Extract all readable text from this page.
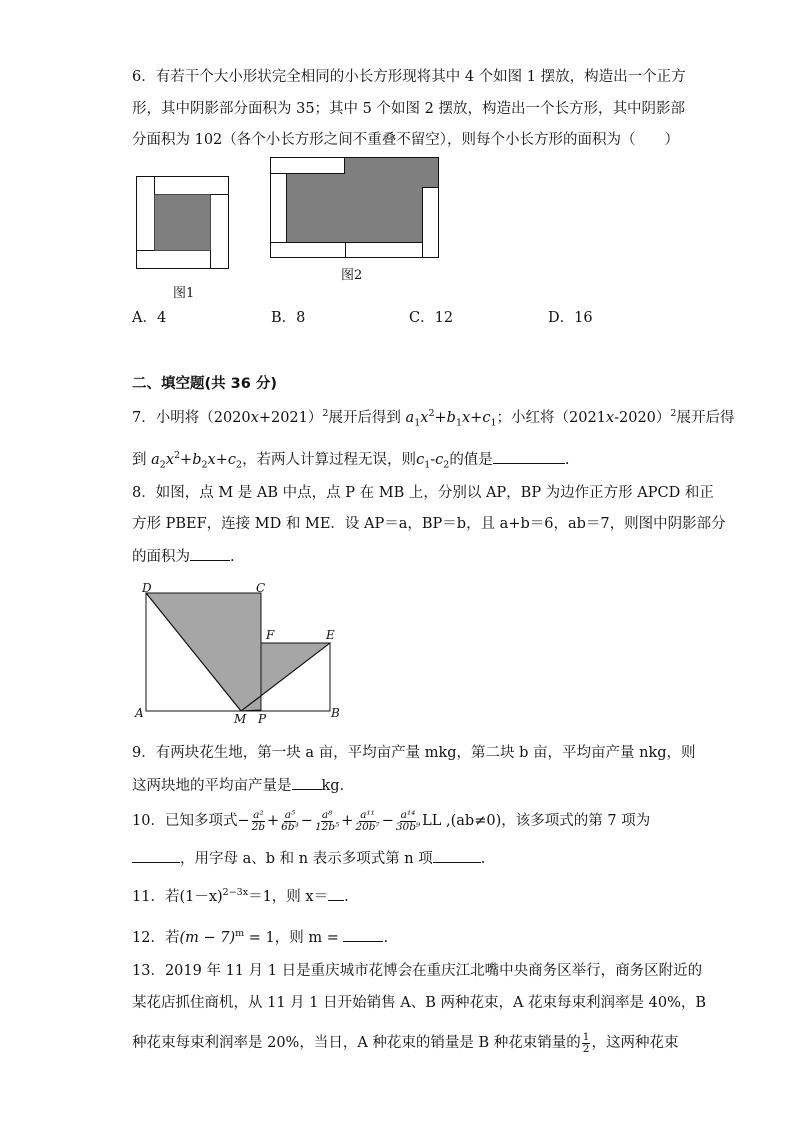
6．有若干个大小形状完全相同的小长方形现将其中 4 个如图 1 摆放，构造出一个正方
形，其中阴影部分面积为 35；其中 5 个如图 2 摆放，构造出一个长方形，其中阴影部
分面积为 102（各个小长方形之间不重叠不留空），则每个小长方形的面积为（　　）
图1
图2
A．4	B．8	C．12	D．16
二、填空题(共 36 分)
7．小明将$(2020x+2021)^2$展开后得到 $a_1x^2+b_1x+c_1$；小红将$(2021x-2020)^2$展开后得
到 $a_2x^2+b_2x+c_2$，若两人计算过程无误，则$c_1-c_2$的值是	.
8．如图，点 M 是 AB 中点，点 P 在 MB 上，分别以 AP，BP 为边作正方形 APCD 和正
方形 PBEF，连接 MD 和 ME．设 AP＝a，BP＝b，且 a+b＝6，ab＝7，则图中阴影部分
的面积为	.
D	C
F	E
A	M P	B
9．有两块花生地，第一块 a 亩，平均亩产量 mkg，第二块 b 亩，平均亩产量 nkg，则
这两块地的平均亩产量是 kg．
10．已知多项式− $\frac{\text{a²}}{2b} + \frac{\text{a⁵}}{\text{6b³}} - \frac{\text{a⁸}}{\text{12b⁵}} + \frac{\text{a¹¹}}{\text{20b⁷}} - \frac{\text{a¹⁴}}{\text{30b⁹}}$ LL ,(ab≠0)，该多项式的第 7 项为
，用字母 a、b 和 n 表示多项式第 n 项	.
11．若$(1-x)^{2-3x}=1$，则 x＝ .
12．若$(m - 7)^m = 1$，则 m =	.
13．2019 年 11 月 1 日是重庆城市花博会在重庆江北嘴中央商务区举行，商务区附近的
某花店抓住商机，从 11 月 1 日开始销售 A、B 两种花束，A 花束每束利润率是 40%，B
种花束每束利润率是 20%，当日，A 种花束的销量是 B 种花束销量的 $\frac{1}{2}$ ，这两种花束
